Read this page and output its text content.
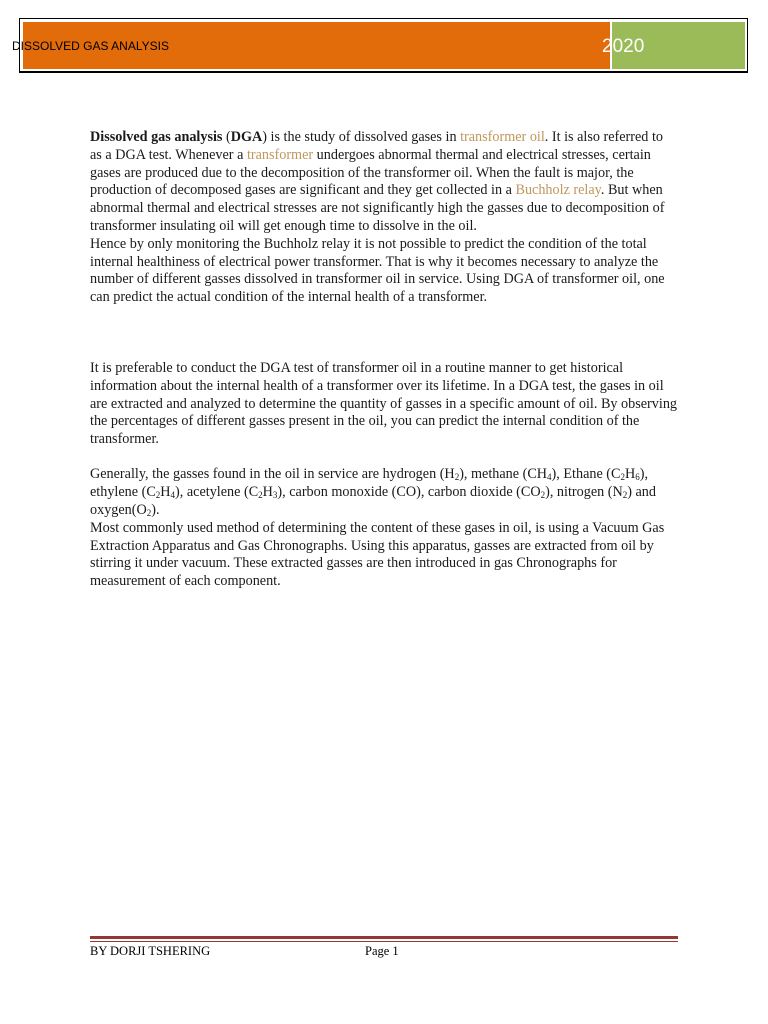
DISSOLVED GAS ANALYSIS	2020

Dissolved gas analysis (DGA) is the study of dissolved gases in transformer oil. It is also referred to as a DGA test. Whenever a transformer undergoes abnormal thermal and electrical stresses, certain gases are produced due to the decomposition of the transformer oil. When the fault is major, the production of decomposed gases are significant and they get collected in a Buchholz relay. But when abnormal thermal and electrical stresses are not significantly high the gasses due to decomposition of transformer insulating oil will get enough time to dissolve in the oil.

Hence by only monitoring the Buchholz relay it is not possible to predict the condition of the total internal healthiness of electrical power transformer. That is why it becomes necessary to analyze the number of different gasses dissolved in transformer oil in service. Using DGA of transformer oil, one can predict the actual condition of the internal health of a transformer.

It is preferable to conduct the DGA test of transformer oil in a routine manner to get historical information about the internal health of a transformer over its lifetime. In a DGA test, the gases in oil are extracted and analyzed to determine the quantity of gasses in a specific amount of oil. By observing the percentages of different gasses present in the oil, you can predict the internal condition of the transformer.

Generally, the gasses found in the oil in service are hydrogen $(H_2)$, methane $(CH_4)$, Ethane $(C_2H_6)$, ethylene $(C_2H_4)$, acetylene $(C_2H_3)$, carbon monoxide (CO), carbon dioxide $(CO_2)$, nitrogen $(N_2)$ and $oxygen(O_2)$.

Most commonly used method of determining the content of these gases in oil, is using a Vacuum Gas Extraction Apparatus and Gas Chronographs. Using this apparatus, gasses are extracted from oil by stirring it under vacuum. These extracted gasses are then introduced in gas Chronographs for measurement of each component.

BY DORJI TSHERING	Page 1
